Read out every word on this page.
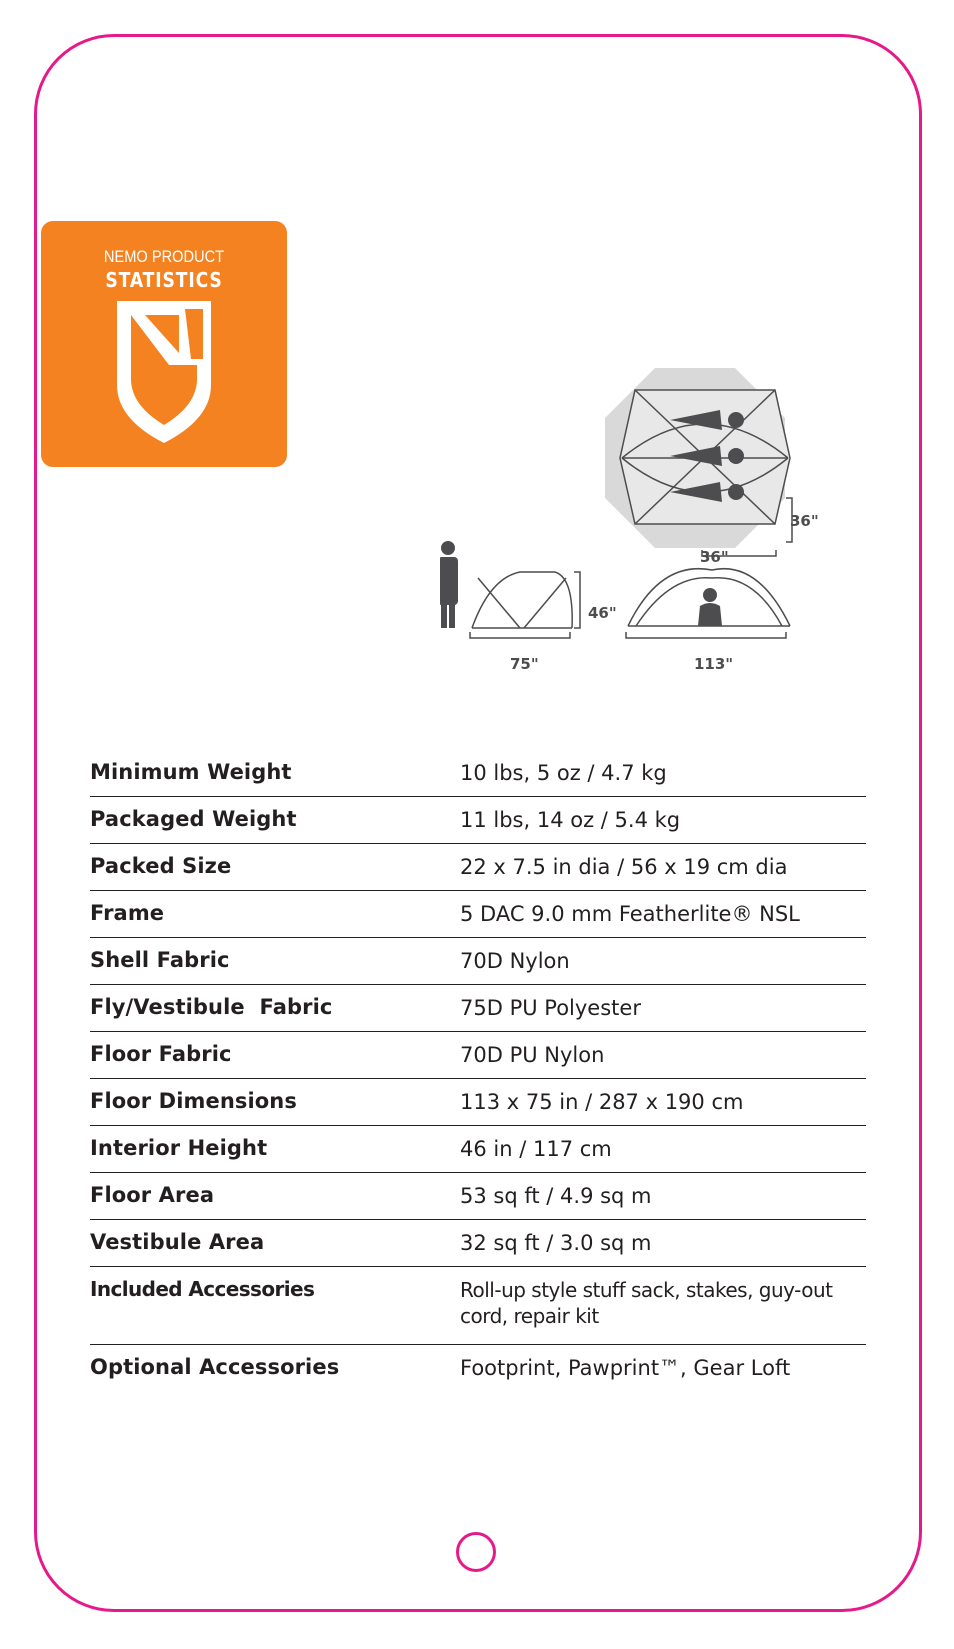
NEMO PRODUCT
STATISTICS
36"
36"
46"
75"	113"
Minimum Weight	10 lbs, 5 oz / 4.7 kg
Packaged Weight	11 lbs, 14 oz / 5.4 kg
Packed Size	22 x 7.5 in dia / 56 x 19 cm dia
Frame	5 DAC 9.0 mm Featherlite® NSL
Shell Fabric	70D Nylon
Fly/Vestibule  Fabric	75D PU Polyester
Floor Fabric	70D PU Nylon
Floor Dimensions	113 x 75 in / 287 x 190 cm
Interior Height	46 in / 117 cm
Floor Area	53 sq ft / 4.9 sq m
Vestibule Area	32 sq ft / 3.0 sq m
Included Accessories	Roll-up style stuff sack, stakes, guy-out cord, repair kit
Optional Accessories	Footprint, Pawprint™, Gear Loft
